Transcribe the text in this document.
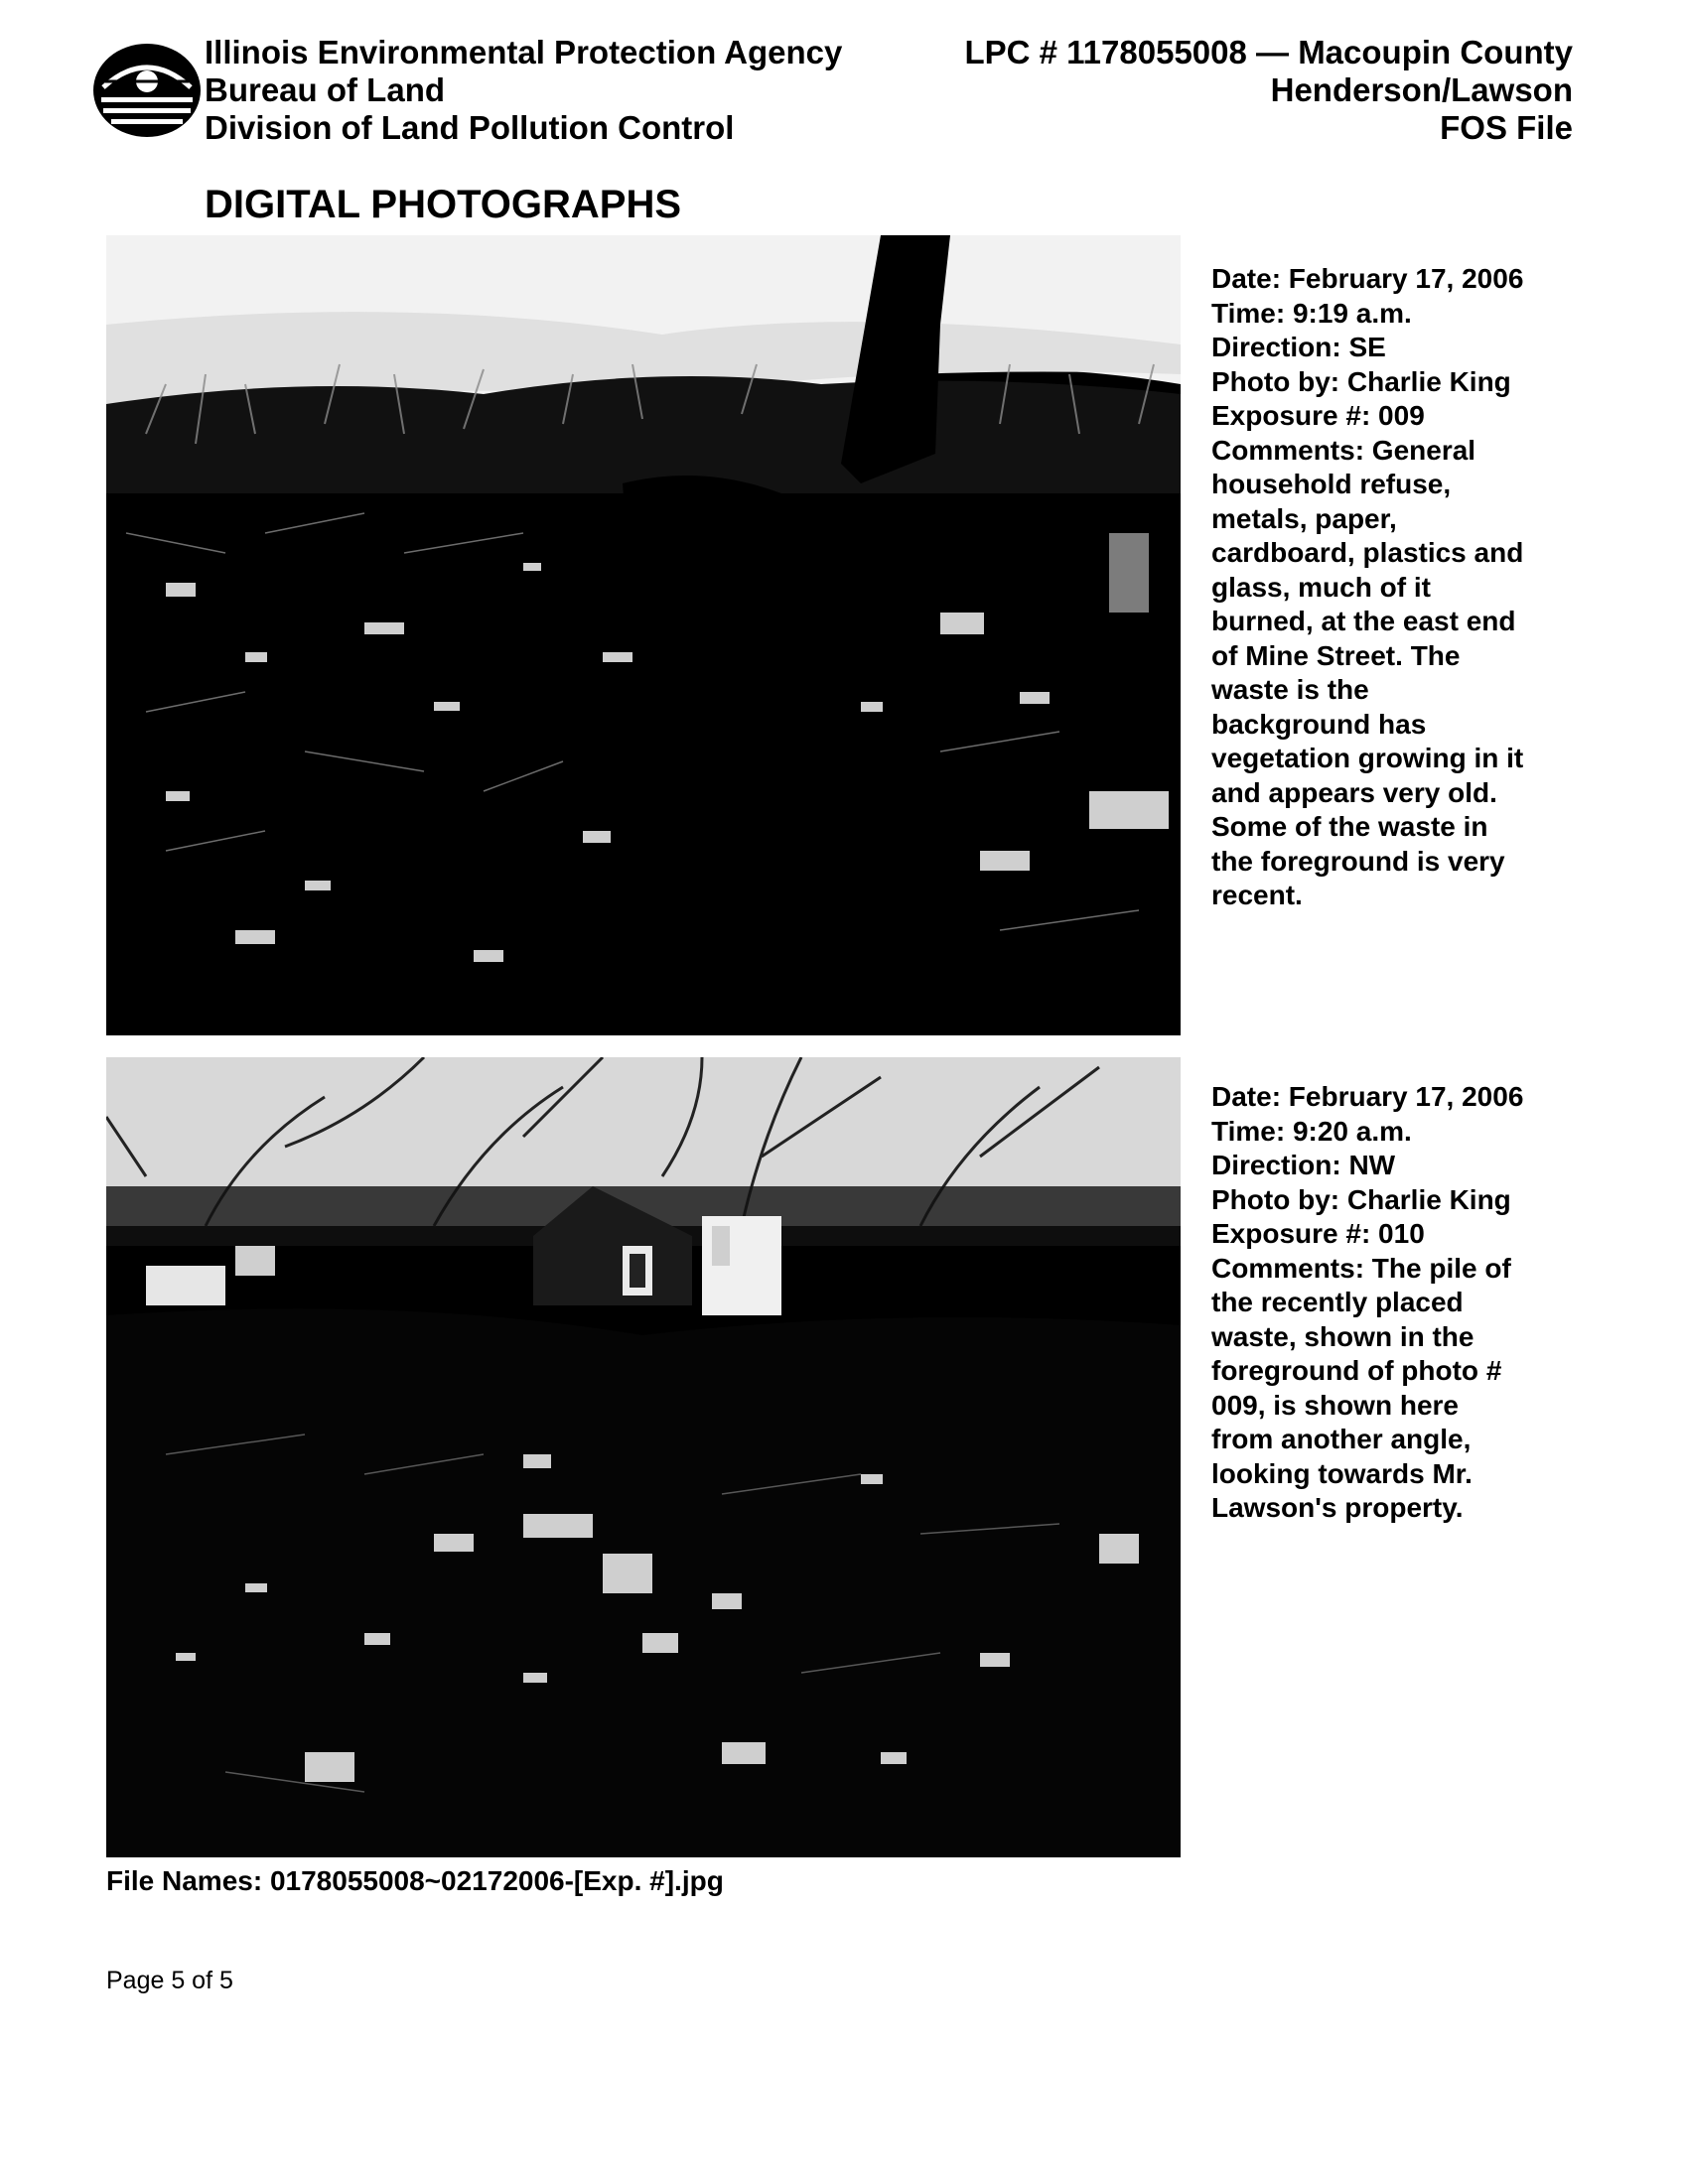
Illinois Environmental Protection Agency
Bureau of Land
Division of Land Pollution Control
LPC # 1178055008 — Macoupin County
Henderson/Lawson
FOS File
DIGITAL PHOTOGRAPHS
Date: February 17, 2006
Time: 9:19 a.m.
Direction: SE
Photo by: Charlie King
Exposure #: 009
Comments: General
household refuse,
metals, paper,
cardboard, plastics and
glass, much of it
burned, at the east end
of Mine Street. The
waste is the
background has
vegetation growing in it
and appears very old.
Some of the waste in
the foreground is very
recent.
Date: February 17, 2006
Time: 9:20 a.m.
Direction: NW
Photo by: Charlie King
Exposure #: 010
Comments: The pile of
the recently placed
waste, shown in the
foreground of photo #
009, is shown here
from another angle,
looking towards Mr.
Lawson's property.
File Names: 0178055008~02172006-[Exp. #].jpg
Page 5 of 5
